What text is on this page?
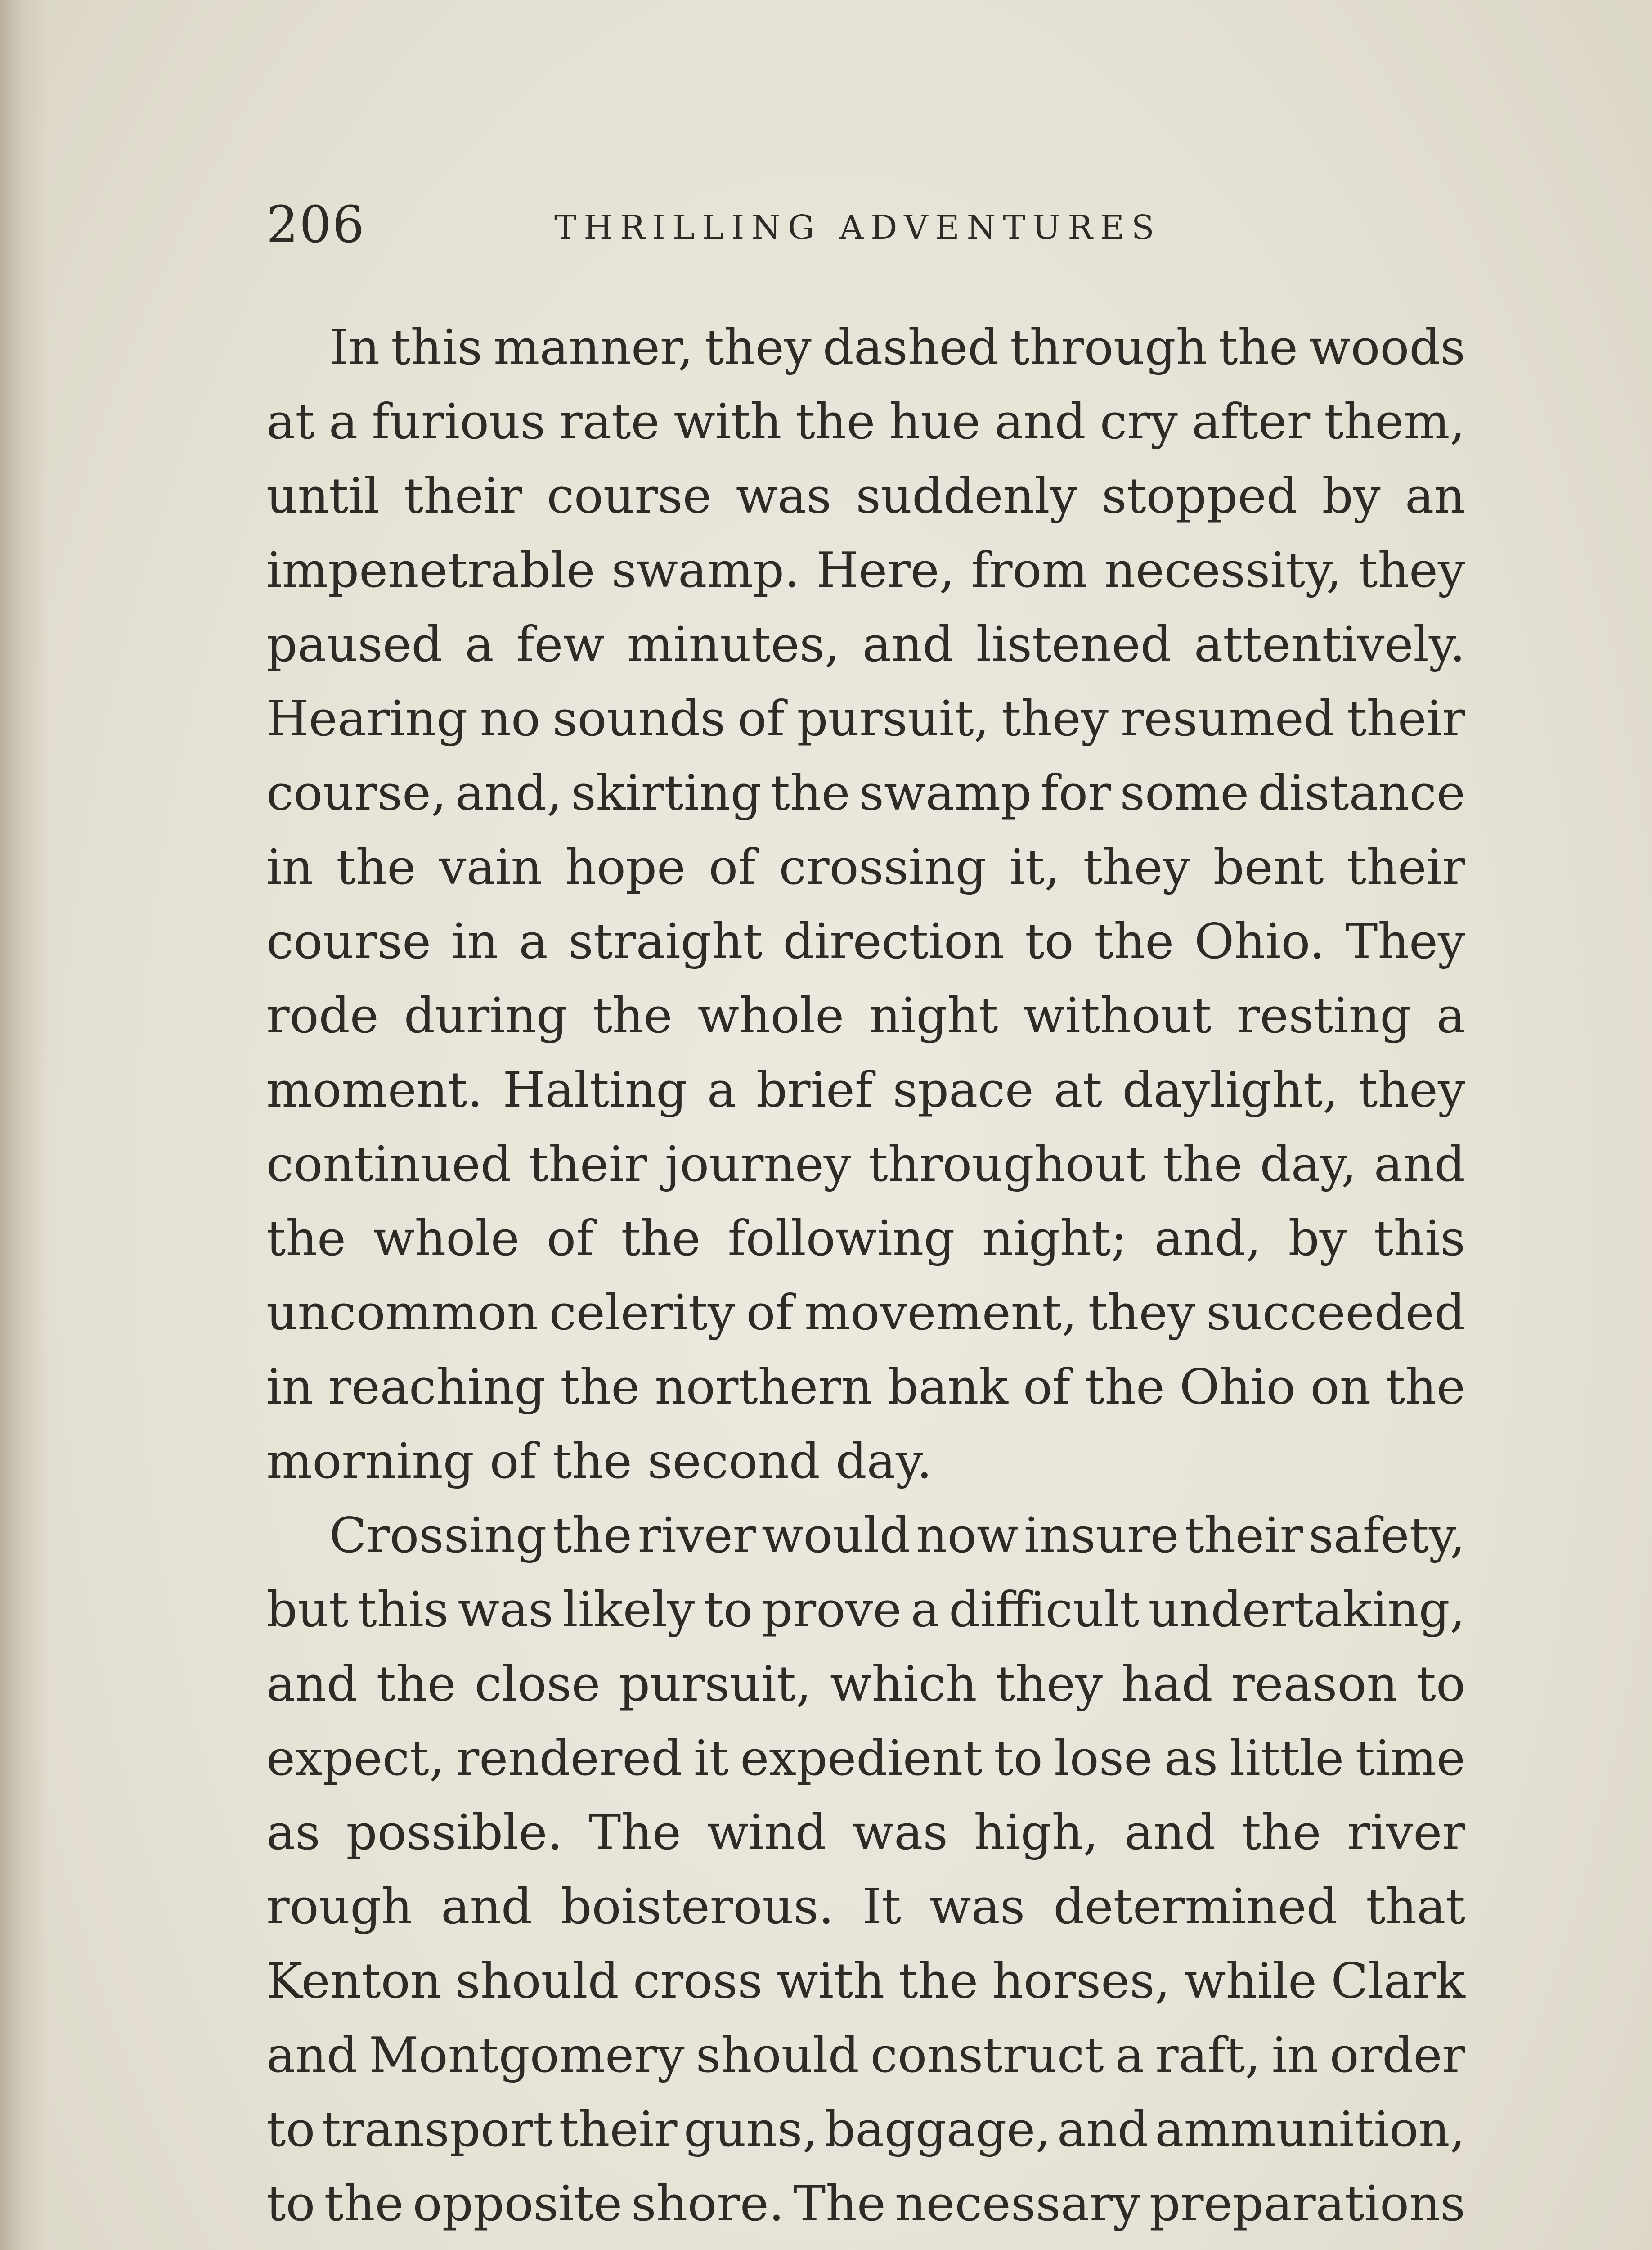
206	THRILLING ADVENTURES
In this manner, they dashed through the woods
at a furious rate with the hue and cry after them,
until their course was suddenly stopped by an
impenetrable swamp. Here, from necessity, they
paused a few minutes, and listened attentively.
Hearing no sounds of pursuit, they resumed their
course, and, skirting the swamp for some distance
in the vain hope of crossing it, they bent their
course in a straight direction to the Ohio. They
rode during the whole night without resting a
moment. Halting a brief space at daylight, they
continued their journey throughout the day, and
the whole of the following night; and, by this
uncommon celerity of movement, they succeeded
in reaching the northern bank of the Ohio on the
morning of the second day.
Crossing the river would now insure their safety,
but this was likely to prove a difficult undertaking,
and the close pursuit, which they had reason to
expect, rendered it expedient to lose as little time
as possible. The wind was high, and the river
rough and boisterous. It was determined that
Kenton should cross with the horses, while Clark
and Montgomery should construct a raft, in order
to transport their guns, baggage, and ammunition,
to the opposite shore. The necessary preparations
